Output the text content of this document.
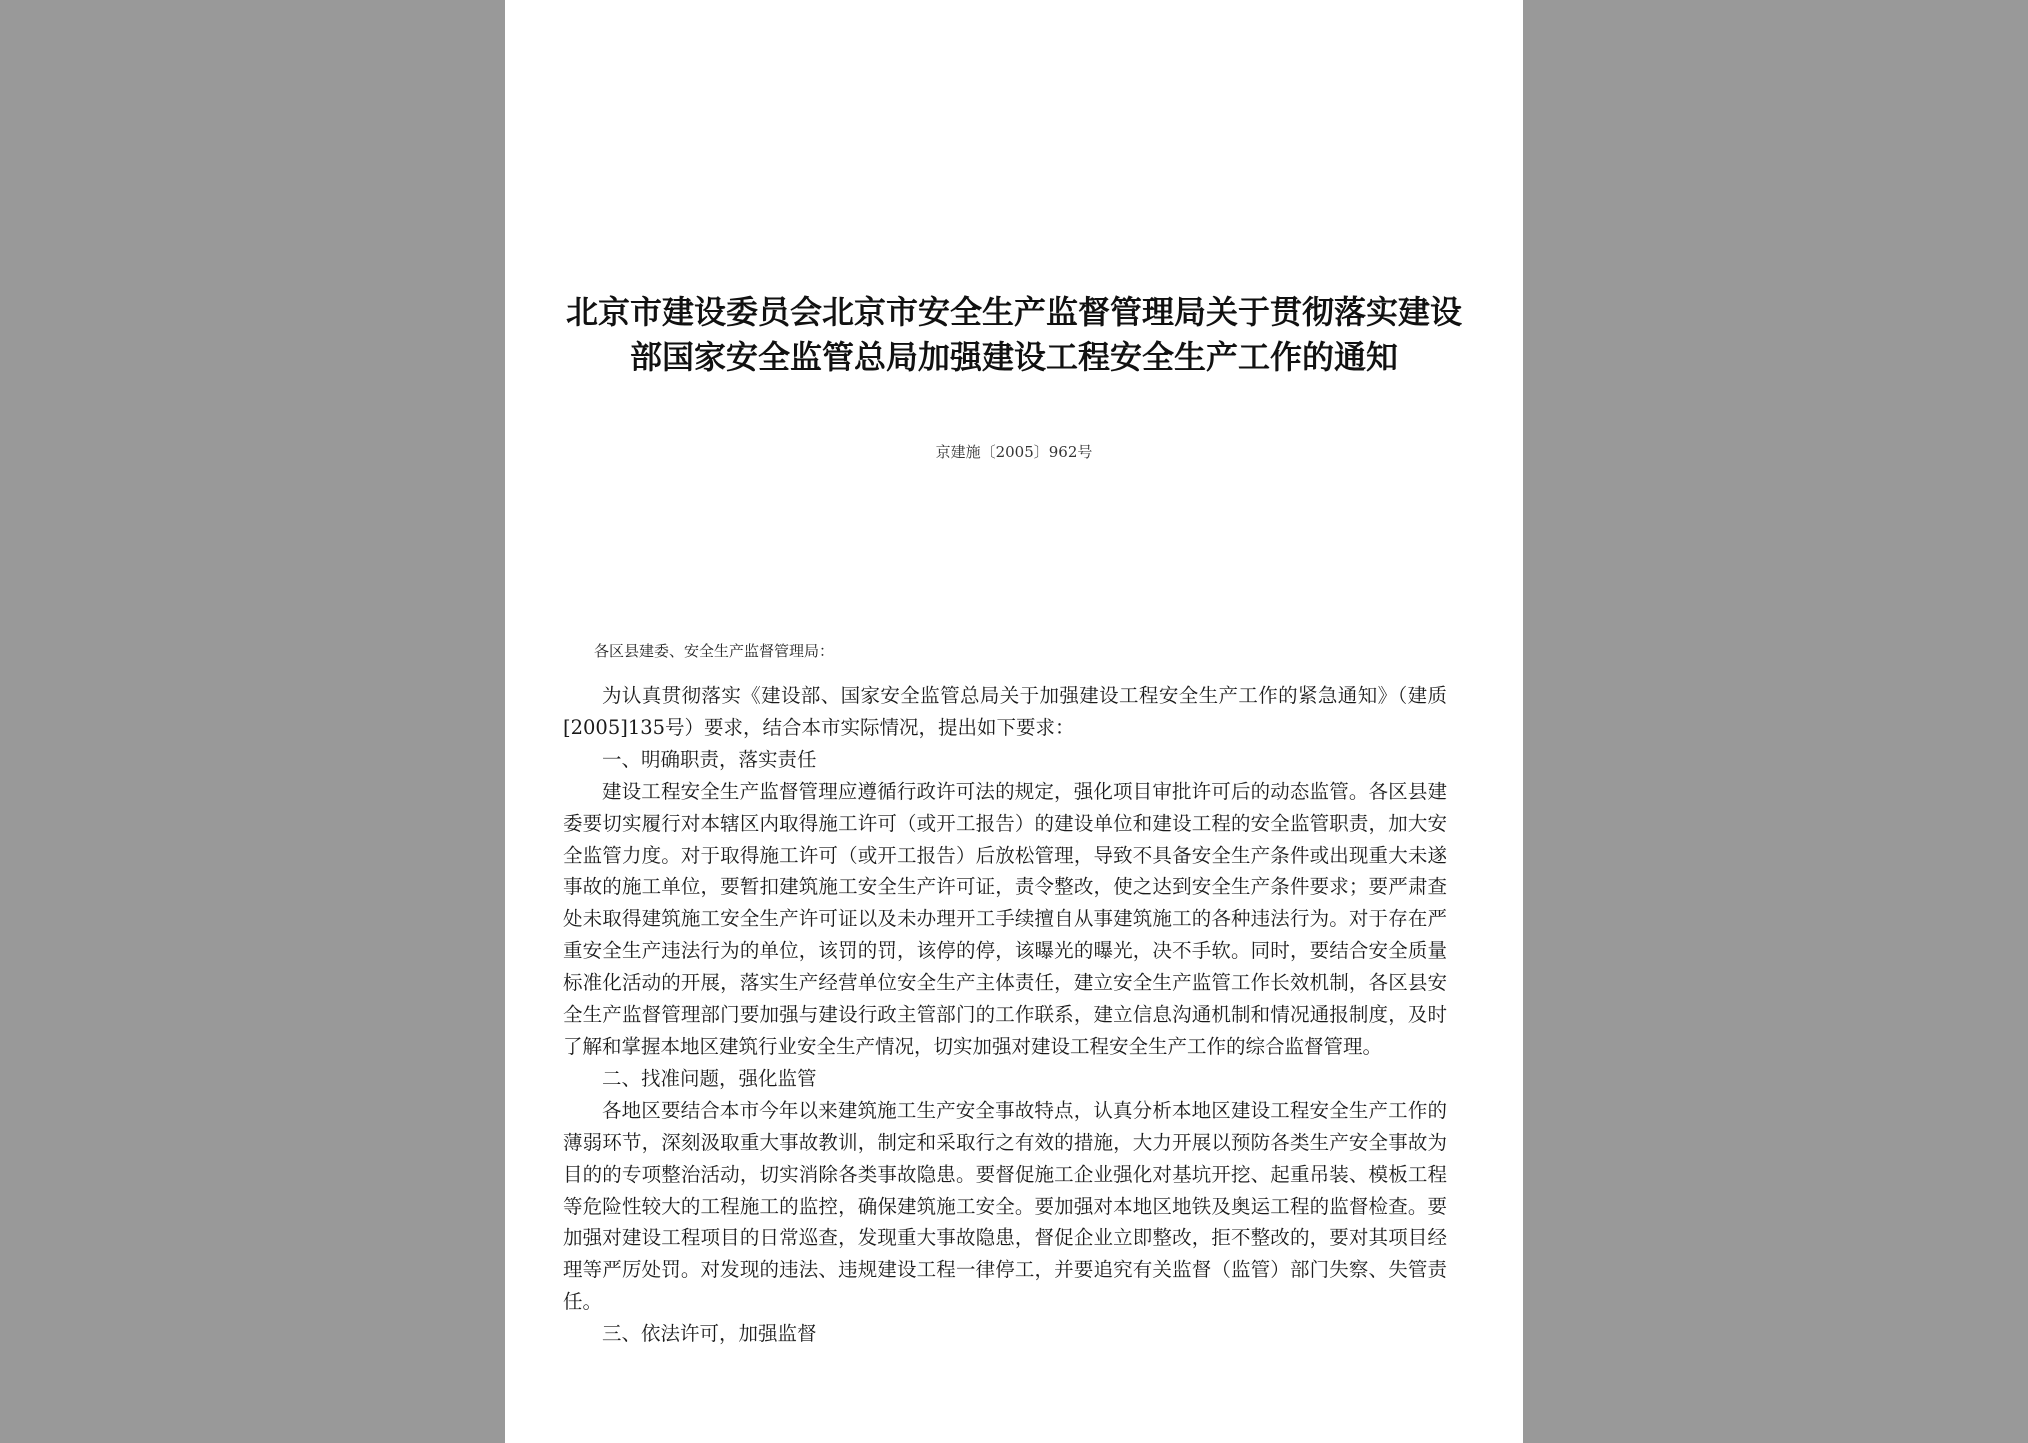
北京市建设委员会北京市安全生产监督管理局关于贯彻落实建设部国家安全监管总局加强建设工程安全生产工作的通知
京建施〔2005〕962号
各区县建委、安全生产监督管理局：

为认真贯彻落实《建设部、国家安全监管总局关于加强建设工程安全生产工作的紧急通知》（建质[2005]135号）要求，结合本市实际情况，提出如下要求：

一、明确职责，落实责任

建设工程安全生产监督管理应遵循行政许可法的规定，强化项目审批许可后的动态监管。各区县建委要切实履行对本辖区内取得施工许可（或开工报告）的建设单位和建设工程的安全监管职责，加大安全监管力度。对于取得施工许可（或开工报告）后放松管理，导致不具备安全生产条件或出现重大未遂事故的施工单位，要暂扣建筑施工安全生产许可证，责令整改，使之达到安全生产条件要求；要严肃查处未取得建筑施工安全生产许可证以及未办理开工手续擅自从事建筑施工的各种违法行为。对于存在严重安全生产违法行为的单位，该罚的罚，该停的停，该曝光的曝光，决不手软。同时，要结合安全质量标准化活动的开展，落实生产经营单位安全生产主体责任，建立安全生产监管工作长效机制，各区县安全生产监督管理部门要加强与建设行政主管部门的工作联系，建立信息沟通机制和情况通报制度，及时了解和掌握本地区建筑行业安全生产情况，切实加强对建设工程安全生产工作的综合监督管理。

二、找准问题，强化监管

各地区要结合本市今年以来建筑施工生产安全事故特点，认真分析本地区建设工程安全生产工作的薄弱环节，深刻汲取重大事故教训，制定和采取行之有效的措施，大力开展以预防各类生产安全事故为目的的专项整治活动，切实消除各类事故隐患。要督促施工企业强化对基坑开挖、起重吊装、模板工程等危险性较大的工程施工的监控，确保建筑施工安全。要加强对本地区地铁及奥运工程的监督检查。要加强对建设工程项目的日常巡查，发现重大事故隐患，督促企业立即整改，拒不整改的，要对其项目经理等严厉处罚。对发现的违法、违规建设工程一律停工，并要追究有关监督（监管）部门失察、失管责任。

三、依法许可，加强监督
